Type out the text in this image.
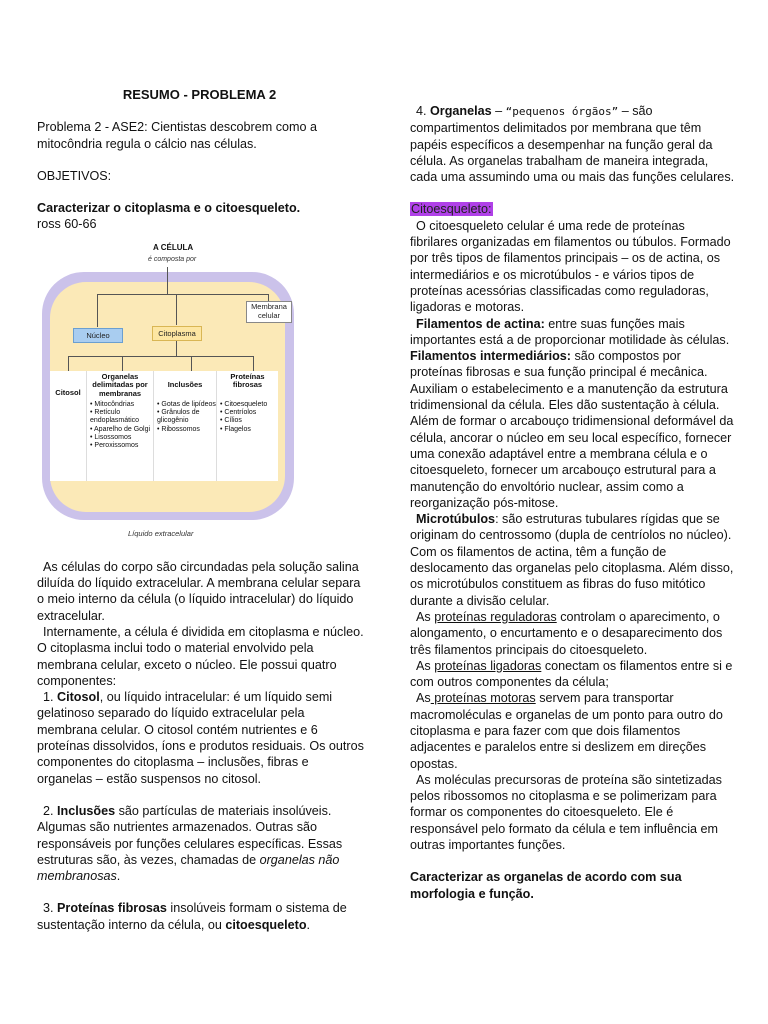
RESUMO - PROBLEMA 2

Problema 2 - ASE2: Cientistas descobrem como a mitocôndria regula o cálcio nas células.

OBJETIVOS:

Caracterizar o citoplasma e o citoesqueleto.

ross 60-66

A CÉLULA
é composta por
Membrana celular
Núcleo	Citoplasma
Citosol
Organelas delimitadas por membranas
• Mitocôndrias
• Retículo endoplasmático
• Aparelho de Golgi
• Lisossomos
• Peroxissomos
Inclusões
• Gotas de lipídeos
• Grânulos de glicogênio
• Ribossomos
Proteínas fibrosas
• Citoesqueleto
• Centríolos
• Cílios
• Flagelos
Líquido extracelular

As células do corpo são circundadas pela solução salina diluída do líquido extracelular. A membrana celular separa o meio interno da célula (o líquido intracelular) do líquido extracelular.

Internamente, a célula é dividida em citoplasma e núcleo. O citoplasma inclui todo o material envolvido pela membrana celular, exceto o núcleo. Ele possui quatro componentes:

1. Citosol, ou líquido intracelular: é um líquido semi gelatinoso separado do líquido extracelular pela membrana celular. O citosol contém nutrientes e 6 proteínas dissolvidos, íons e produtos residuais. Os outros componentes do citoplasma – inclusões, fibras e organelas – estão suspensos no citosol.

2. Inclusões são partículas de materiais insolúveis. Algumas são nutrientes armazenados. Outras são responsáveis por funções celulares específicas. Essas estruturas são, às vezes, chamadas de organelas não membranosas.

3. Proteínas fibrosas insolúveis formam o sistema de sustentação interno da célula, ou citoesqueleto.

4. Organelas – “pequenos órgãos” – são compartimentos delimitados por membrana que têm papéis específicos a desempenhar na função geral da célula. As organelas trabalham de maneira integrada, cada uma assumindo uma ou mais das funções celulares.

Citoesqueleto:

O citoesqueleto celular é uma rede de proteínas fibrilares organizadas em filamentos ou túbulos. Formado por três tipos de filamentos principais – os de actina, os intermediários e os microtúbulos - e vários tipos de proteínas acessórias classificadas como reguladoras, ligadoras e motoras.

Filamentos de actina: entre suas funções mais importantes está a de proporcionar motilidade às células.

Filamentos intermediários: são compostos por proteínas fibrosas e sua função principal é mecânica. Auxiliam o estabelecimento e a manutenção da estrutura tridimensional da célula. Eles dão sustentação à célula. Além de formar o arcabouço tridimensional deformável da célula, ancorar o núcleo em seu local específico, fornecer uma conexão adaptável entre a membrana célula e o citoesqueleto, fornecer um arcabouço estrutural para a manutenção do envoltório nuclear, assim como a reorganização pós-mitose.

Microtúbulos: são estruturas tubulares rígidas que se originam do centrossomo (dupla de centríolos no núcleo). Com os filamentos de actina, têm a função de deslocamento das organelas pelo citoplasma. Além disso, os microtúbulos constituem as fibras do fuso mitótico durante a divisão celular.

As proteínas reguladoras controlam o aparecimento, o alongamento, o encurtamento e o desaparecimento dos três filamentos principais do citoesqueleto.

As proteínas ligadoras conectam os filamentos entre si e com outros componentes da célula;

As proteínas motoras servem para transportar macromoléculas e organelas de um ponto para outro do citoplasma e para fazer com que dois filamentos adjacentes e paralelos entre si deslizem em direções opostas.

As moléculas precursoras de proteína são sintetizadas pelos ribossomos no citoplasma e se polimerizam para formar os componentes do citoesqueleto. Ele é responsável pelo formato da célula e tem influência em outras importantes funções.

Caracterizar as organelas de acordo com sua morfologia e função.
